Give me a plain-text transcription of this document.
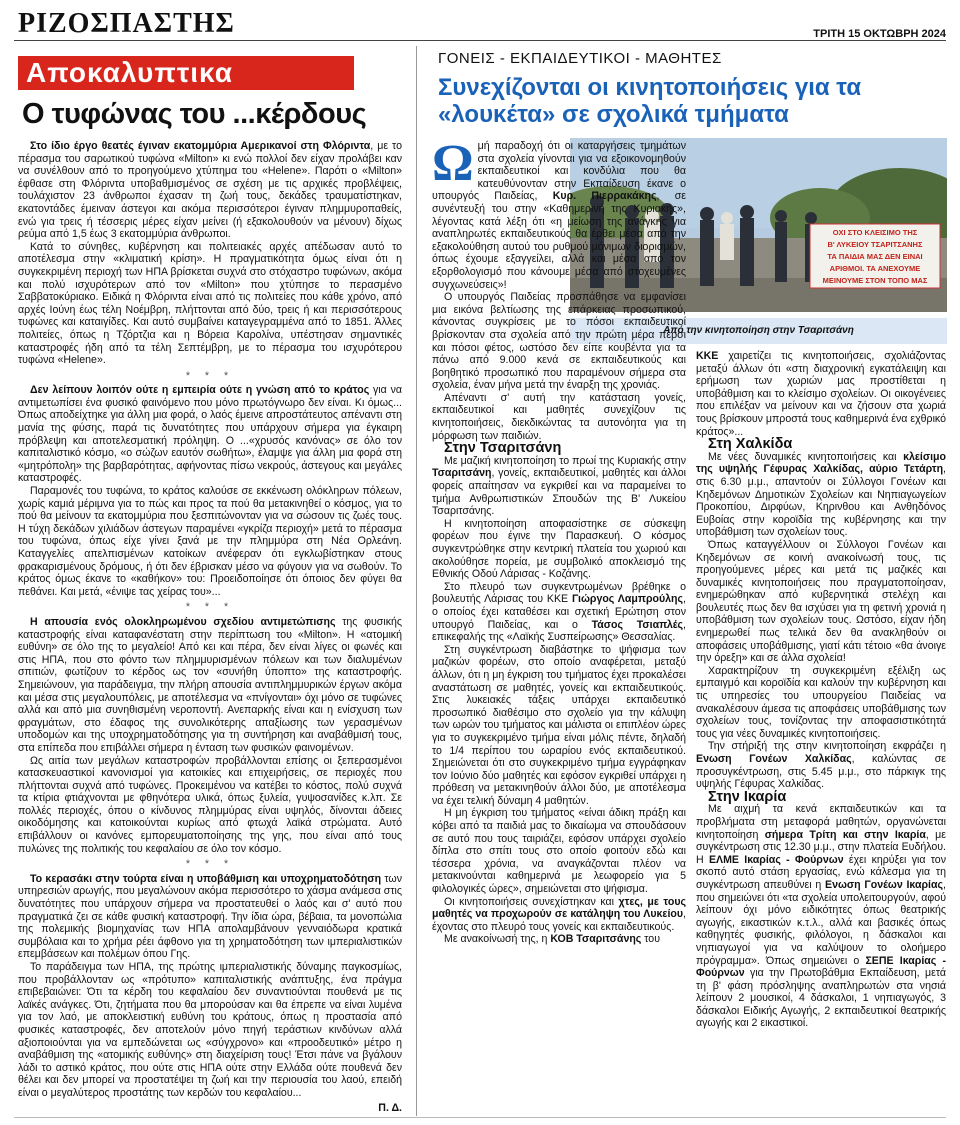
ΡΙΖΟΣΠΑΣΤΗΣ	ΤΡΙΤΗ 15 ΟΚΤΩΒΡΗ 2024
Αποκαλυπτικα
Ο τυφώνας του ...κέρδους

Στο ίδιο έργο θεατές έγιναν εκατομμύρια Αμερικανοί στη Φλόριντα, με το πέρασμα του σαρωτικού τυφώνα «Milton» κι ενώ πολλοί δεν είχαν προλάβει καν να συνέλθουν από το προηγούμενο χτύπημα του «Helene». Παρότι ο «Milton» έφθασε στη Φλόριντα υποβαθμισμένος σε σχέση με τις αρχικές προβλέψεις, τουλάχιστον 23 άνθρωποι έχασαν τη ζωή τους, δεκάδες τραυματίστηκαν, εκατοντάδες έμειναν άστεγοι και ακόμα περισσότεροι έγιναν πλημμυροπαθείς, ενώ για τρεις ή τέσσερις μέρες είχαν μείνει (ή εξακολουθούν να μένουν) δίχως ρεύμα από 1,5 έως 3 εκατομμύρια άνθρωποι.

Κατά το σύνηθες, κυβέρνηση και πολιτειακές αρχές απέδωσαν αυτό το αποτέλεσμα στην «κλιματική κρίση». Η πραγματικότητα όμως είναι ότι η συγκεκριμένη περιοχή των ΗΠΑ βρίσκεται συχνά στο στόχαστρο τυφώνων, ακόμα και πολύ ισχυρότερων από τον «Milton» που χτύπησε το περασμένο Σαββατοκύριακο. Ειδικά η Φλόριντα είναι από τις πολιτείες που κάθε χρόνο, από αρχές Ιούνη έως τέλη Νοέμβρη, πλήττονται από δύο, τρεις ή και περισσότερους τυφώνες και καταιγίδες. Και αυτό συμβαίνει καταγεγραμμένα από το 1851. Άλλες πολιτείες, όπως η Τζόρτζια και η Βόρεια Καρολίνα, υπέστησαν σημαντικές καταστροφές ήδη από τα τέλη Σεπτέμβρη, με το πέρασμα του ισχυρότερου τυφώνα «Helene».

* * *

Δεν λείπουν λοιπόν ούτε η εμπειρία ούτε η γνώση από το κράτος για να αντιμετωπίσει ένα φυσικό φαινόμενο που μόνο πρωτόγνωρο δεν είναι. Κι όμως... Όπως αποδείχτηκε για άλλη μια φορά, ο λαός έμεινε απροστάτευτος απέναντι στη μανία της φύσης, παρά τις δυνατότητες που υπάρχουν σήμερα για έγκαιρη πρόβλεψη και αποτελεσματική πρόληψη. Ο ...«χρυσός κανόνας» σε όλο τον καπιταλιστικό κόσμο, «ο σώζων εαυτόν σωθήτω», έλαμψε για άλλη μια φορά στη «μητρόπολη» της βαρβαρότητας, αφήνοντας πίσω νεκρούς, άστεγους και μεγάλες καταστροφές.

Παραμονές του τυφώνα, το κράτος καλούσε σε εκκένωση ολόκληρων πόλεων, χωρίς καμιά μέριμνα για το πώς και προς τα πού θα μετακινηθεί ο κόσμος, για το πού θα μείνουν τα εκατομμύρια που ξεσπιτώνονταν για να σώσουν τις ζωές τους. Η τύχη δεκάδων χιλιάδων άστεγων παραμένει «γκρίζα περιοχή» μετά το πέρασμα του τυφώνα, όπως είχε γίνει ξανά με την πλημμύρα στη Νέα Ορλεάνη. Καταγγελίες απελπισμένων κατοίκων ανέφεραν ότι εγκλωβίστηκαν στους φρακαρισμένους δρόμους, ή ότι δεν έβρισκαν μέσο να φύγουν για να σωθούν. Το κράτος όμως έκανε το «καθήκον» του: Προειδοποίησε ότι όποιος δεν φύγει θα πεθάνει. Και μετά, «ένιψε τας χείρας του»...

* * *

Η απουσία ενός ολοκληρωμένου σχεδίου αντιμετώπισης της φυσικής καταστροφής είναι καταφανέστατη στην περίπτωση του «Milton». Η «ατομική ευθύνη» σε όλο της το μεγαλείο! Από κει και πέρα, δεν είναι λίγες οι φωνές και στις ΗΠΑ, που στο φόντο των πλημμυρισμένων πόλεων και των διαλυμένων σπιτιών, φωτίζουν το κέρδος ως τον «συνήθη ύποπτο» της καταστροφής. Σημειώνουν, για παράδειγμα, την πλήρη απουσία αντιπλημμυρικών έργων ακόμα και μέσα στις μεγαλουπόλεις, με αποτέλεσμα να «πνίγονται» όχι μόνο σε τυφώνες αλλά και από μια συνηθισμένη νεροποντή. Ανεπαρκής είναι και η ενίσχυση των φραγμάτων, στο έδαφος της συνολικότερης απαξίωσης των γερασμένων υποδομών και της υποχρηματοδότησης για τη συντήρηση και αναβάθμισή τους, στα επίπεδα που επιβάλλει σήμερα η ένταση των φυσικών φαινομένων.

Ως αιτία των μεγάλων καταστροφών προβάλλονται επίσης οι ξεπερασμένοι κατασκευαστικοί κανονισμοί για κατοικίες και επιχειρήσεις, σε περιοχές που πλήττονται συχνά από τυφώνες. Προκειμένου να κατέβει το κόστος, πολύ συχνά τα κτίρια φτιάχνονται με φθηνότερα υλικά, όπως ξυλεία, γυψοσανίδες κ.λπ. Σε πολλές περιοχές, όπου ο κίνδυνος πλημμύρας είναι υψηλός, δίνονται άδειες οικοδόμησης και κατοικούνται κυρίως από φτωχά λαϊκά στρώματα. Αυτό επιβάλλουν οι κανόνες εμπορευματοποίησης της γης, που είναι από τους πυλώνες της πολιτικής του κεφαλαίου σε όλο τον κόσμο.

* * *

Το κερασάκι στην τούρτα είναι η υποβάθμιση και υποχρηματοδότηση των υπηρεσιών αρωγής, που μεγαλώνουν ακόμα περισσότερο το χάσμα ανάμεσα στις δυνατότητες που υπάρχουν σήμερα να προστατευθεί ο λαός και σ' αυτό που πραγματικά ζει σε κάθε φυσική καταστροφή. Την ίδια ώρα, βέβαια, τα μονοπώλια της πολεμικής βιομηχανίας των ΗΠΑ απολαμβάνουν γενναιόδωρα κρατικά συμβόλαια και το χρήμα ρέει άφθονο για τη χρηματοδότηση των ιμπεριαλιστικών επεμβάσεων και πολέμων όπου Γης.

Το παράδειγμα των ΗΠΑ, της πρώτης ιμπεριαλιστικής δύναμης παγκοσμίως, που προβάλλονταν ως «πρότυπο» καπιταλιστικής ανάπτυξης, ένα πράγμα επιβεβαιώνει: Ότι τα κέρδη του κεφαλαίου δεν συναντιούνται πουθενά με τις λαϊκές ανάγκες. Ότι, ζητήματα που θα μπορούσαν και θα έπρεπε να είναι λυμένα για τον λαό, με αποκλειστική ευθύνη του κράτους, όπως η προστασία από φυσικές καταστροφές, δεν αποτελούν μόνο πηγή τεράστιων κινδύνων αλλά αξιοποιούνται για να εμπεδώνεται ως «σύγχρονο» και «προοδευτικό» μέτρο η αναβάθμιση της «ατομικής ευθύνης» στη διαχείριση τους! Έτσι πάνε να βγάλουν λάδι το αστικό κράτος, που ούτε στις ΗΠΑ ούτε στην Ελλάδα ούτε πουθενά δεν θέλει και δεν μπορεί να προστατέψει τη ζωή και την περιουσία του λαού, επειδή είναι ο μεγαλύτερος προστάτης των κερδών του κεφαλαίου...

Π. Δ.

ΓΟΝΕΙΣ - ΕΚΠΑΙΔΕΥΤΙΚΟΙ - ΜΑΘΗΤΕΣ
Συνεχίζονται οι κινητοποιήσεις για τα «λουκέτα» σε σχολικά τμήματα
ΟΧΙ ΣΤΟ ΚΛΕΙΣΙΜΟ ΤΗΣ
Β' ΛΥΚΕΙΟΥ ΤΣΑΡΙΤΣΑΝΗΣ
ΤΑ ΠΑΙΔΙΑ ΜΑΣ ΔΕΝ ΕΙΝΑΙ
ΑΡΙΘΜΟΙ. ΤΑ ΑΝΕΧΟΥΜΕ
ΜΕΙΝΟΥΜΕ ΣΤΟΝ ΤΟΠΟ ΜΑΣ
Από την κινητοποίηση στην Τσαριτσάνη

Ωμή παραδοχή ότι οι καταργήσεις τμημάτων στα σχολεία γίνονται για να εξοικονομηθούν εκπαιδευτικοί και κονδύλια που θα κατευθύνονταν στην Εκπαίδευση έκανε ο υπουργός Παιδείας, Κυρ. Πιερρακάκης, σε συνέντευξή του στην «Καθημερινή της Κυριακής», λέγοντας κατά λέξη ότι «η μείωση της ανάγκης για αναπληρωτές εκπαιδευτικούς θα έρθει μέσα από την εξακολούθηση αυτού του ρυθμού μόνιμων διορισμών, όπως έχουμε εξαγγείλει, αλλά και μέσα από τον εξορθολογισμό που κάνουμε μέσα από στοχευμένες συγχωνεύσεις»!

Ο υπουργός Παιδείας προσπάθησε να εμφανίσει μια εικόνα βελτίωσης της επάρκειας προσωπικού, κάνοντας συγκρίσεις με το πόσοι εκπαιδευτικοί βρίσκονταν στα σχολεία από την πρώτη μέρα πέρσι και πόσοι φέτος, ωστόσο δεν είπε κουβέντα για τα πάνω από 9.000 κενά σε εκπαιδευτικούς και βοηθητικό προσωπικό που παραμένουν σήμερα στα σχολεία, έναν μήνα μετά την έναρξη της χρονιάς.

Απέναντι σ' αυτή την κατάσταση γονείς, εκπαιδευτικοί και μαθητές συνεχίζουν τις κινητοποιήσεις, διεκδικώντας τα αυτονόητα για τη μόρφωση των παιδιών.

Στην Τσαριτσάνη

Με μαζική κινητοποίηση το πρωί της Κυριακής στην Τσαριτσάνη, γονείς, εκπαιδευτικοί, μαθητές και άλλοι φορείς απαίτησαν να εγκριθεί και να παραμείνει το τμήμα Ανθρωπιστικών Σπουδών της Β' Λυκείου Τσαριτσάνης.

Η κινητοποίηση αποφασίστηκε σε σύσκεψη φορέων που έγινε την Παρασκευή. Ο κόσμος συγκεντρώθηκε στην κεντρική πλατεία του χωριού και ακολούθησε πορεία, με συμβολικό αποκλεισμό της Εθνικής Οδού Λάρισας - Κοζάνης.

Στο πλευρό των συγκεντρωμένων βρέθηκε ο βουλευτής Λάρισας του ΚΚΕ Γιώργος Λαμπρούλης, ο οποίος έχει καταθέσει και σχετική Ερώτηση στον υπουργό Παιδείας, και ο Τάσος Τσιαπλές, επικεφαλής της «Λαϊκής Συσπείρωσης» Θεσσαλίας.

Στη συγκέντρωση διαβάστηκε το ψήφισμα των μαζικών φορέων, στο οποίο αναφέρεται, μεταξύ άλλων, ότι η μη έγκριση του τμήματος έχει προκαλέσει αναστάτωση σε μαθητές, γονείς και εκπαιδευτικούς. Στις λυκειακές τάξεις υπάρχει εκπαιδευτικό προσωπικό διαθέσιμο στο σχολείο για την κάλυψη των ωρών του τμήματος και μάλιστα οι επιπλέον ώρες για το συγκεκριμένο τμήμα είναι μόλις πέντε, δηλαδή το 1/4 περίπου του ωραρίου ενός εκπαιδευτικού. Σημειώνεται ότι στο συγκεκριμένο τμήμα εγγράφηκαν τον Ιούνιο δύο μαθητές και εφόσον εγκριθεί υπάρχει η πρόθεση να μετακινηθούν άλλοι δύο, με αποτέλεσμα να έχει τελική δύναμη 4 μαθητών.

Η μη έγκριση του τμήματος «είναι άδικη πράξη και κόβει από τα παιδιά μας το δικαίωμα να σπουδάσουν σε αυτό που τους ταιριάζει, εφόσον υπάρχει σχολείο δίπλα στο σπίτι τους στο οποίο φοιτούν εδώ και τέσσερα χρόνια, να αναγκάζονται πλέον να μετακινούνται καθημερινά με λεωφορείο για 5 φιλολογικές ώρες», σημειώνεται στο ψήφισμα.

Οι κινητοποιήσεις συνεχίστηκαν και χτες, με τους μαθητές να προχωρούν σε κατάληψη του Λυκείου, έχοντας στο πλευρό τους γονείς και εκπαιδευτικούς.

Με ανακοίνωσή της, η ΚΟΒ Τσαριτσάνης του

ΚΚΕ χαιρετίζει τις κινητοποιήσεις, σχολιάζοντας μεταξύ άλλων ότι «στη διαχρονική εγκατάλειψη και ερήμωση των χωριών μας προστίθεται η υποβάθμιση και το κλείσιμο σχολείων. Οι οικογένειες που επιλέξαν να μείνουν και να ζήσουν στα χωριά τους βρίσκουν μπροστά τους καθημερινά ένα εχθρικό κράτος»...

Στη Χαλκίδα

Με νέες δυναμικές κινητοποιήσεις και κλείσιμο της υψηλής Γέφυρας Χαλκίδας, αύριο Τετάρτη, στις 6.30 μ.μ., απαντούν οι Σύλλογοι Γονέων και Κηδεμόνων Δημοτικών Σχολείων και Νηπιαγωγείων Προκοπίου, Διρφύων, Κηρινθου και Ανθηδόνος Ευβοίας στην κοροϊδία της κυβέρνησης και την υποβάθμιση των σχολείων τους.

Όπως καταγγέλλουν οι Σύλλογοι Γονέων και Κηδεμόνων σε κοινή ανακοίνωσή τους, τις προηγούμενες μέρες και μετά τις μαζικές και δυναμικές κινητοποιήσεις που πραγματοποίησαν, ενημερώθηκαν από κυβερνητικά στελέχη και βουλευτές πως δεν θα ισχύσει για τη φετινή χρονιά η υποβάθμιση των σχολείων τους. Ωστόσο, είχαν ήδη ενημερωθεί πως τελικά δεν θα ανακληθούν οι αποφάσεις υποβάθμισης, γιατί κάτι τέτοιο «θα άνοιγε την όρεξη» και σε άλλα σχολεία!

Χαρακτηρίζουν τη συγκεκριμένη εξέλιξη ως εμπαιγμό και κοροϊδία και καλούν την κυβέρνηση και τις υπηρεσίες του υπουργείου Παιδείας να ανακαλέσουν άμεσα τις αποφάσεις υποβάθμισης των σχολείων τους, τονίζοντας την αποφασιστικότητά τους για νέες δυναμικές κινητοποιήσεις.

Την στήριξή της στην κινητοποίηση εκφράζει η Ενωση Γονέων Χαλκίδας, καλώντας σε προσυγκέντρωση, στις 5.45 μ.μ., στο πάρκιγκ της υψηλής Γέφυρας Χαλκίδας.

Στην Ικαρία

Με αιχμή τα κενά εκπαιδευτικών και τα προβλήματα στη μεταφορά μαθητών, οργανώνεται κινητοποίηση σήμερα Τρίτη και στην Ικαρία, με συγκέντρωση στις 12.30 μ.μ., στην πλατεία Ευδήλου. Η ΕΛΜΕ Ικαρίας - Φούρνων έχει κηρύξει για τον σκοπό αυτό στάση εργασίας, ενώ κάλεσμα για τη συγκέντρωση απευθύνει η Ενωση Γονέων Ικαρίας, που σημειώνει ότι «τα σχολεία υπολειτουργούν, αφού λείπουν όχι μόνο ειδικότητες όπως θεατρικής αγωγής, εικαστικών κ.τ.λ., αλλά και βασικές όπως καθηγητές φυσικής, φιλόλογοι, η δάσκαλοι και νηπιαγωγοί για να καλύψουν το ολοήμερο πρόγραμμα». Όπως σημειώνει ο ΣΕΠΕ Ικαρίας - Φούρνων για την Πρωτοβάθμια Εκπαίδευση, μετά τη β' φάση πρόσληψης αναπληρωτών στα νησιά λείπουν 2 μουσικοί, 4 δάσκαλοι, 1 νηπιαγωγός, 3 δάσκαλοι Ειδικής Αγωγής, 2 εκπαιδευτικοί θεατρικής αγωγής και 2 εικαστικοί.
